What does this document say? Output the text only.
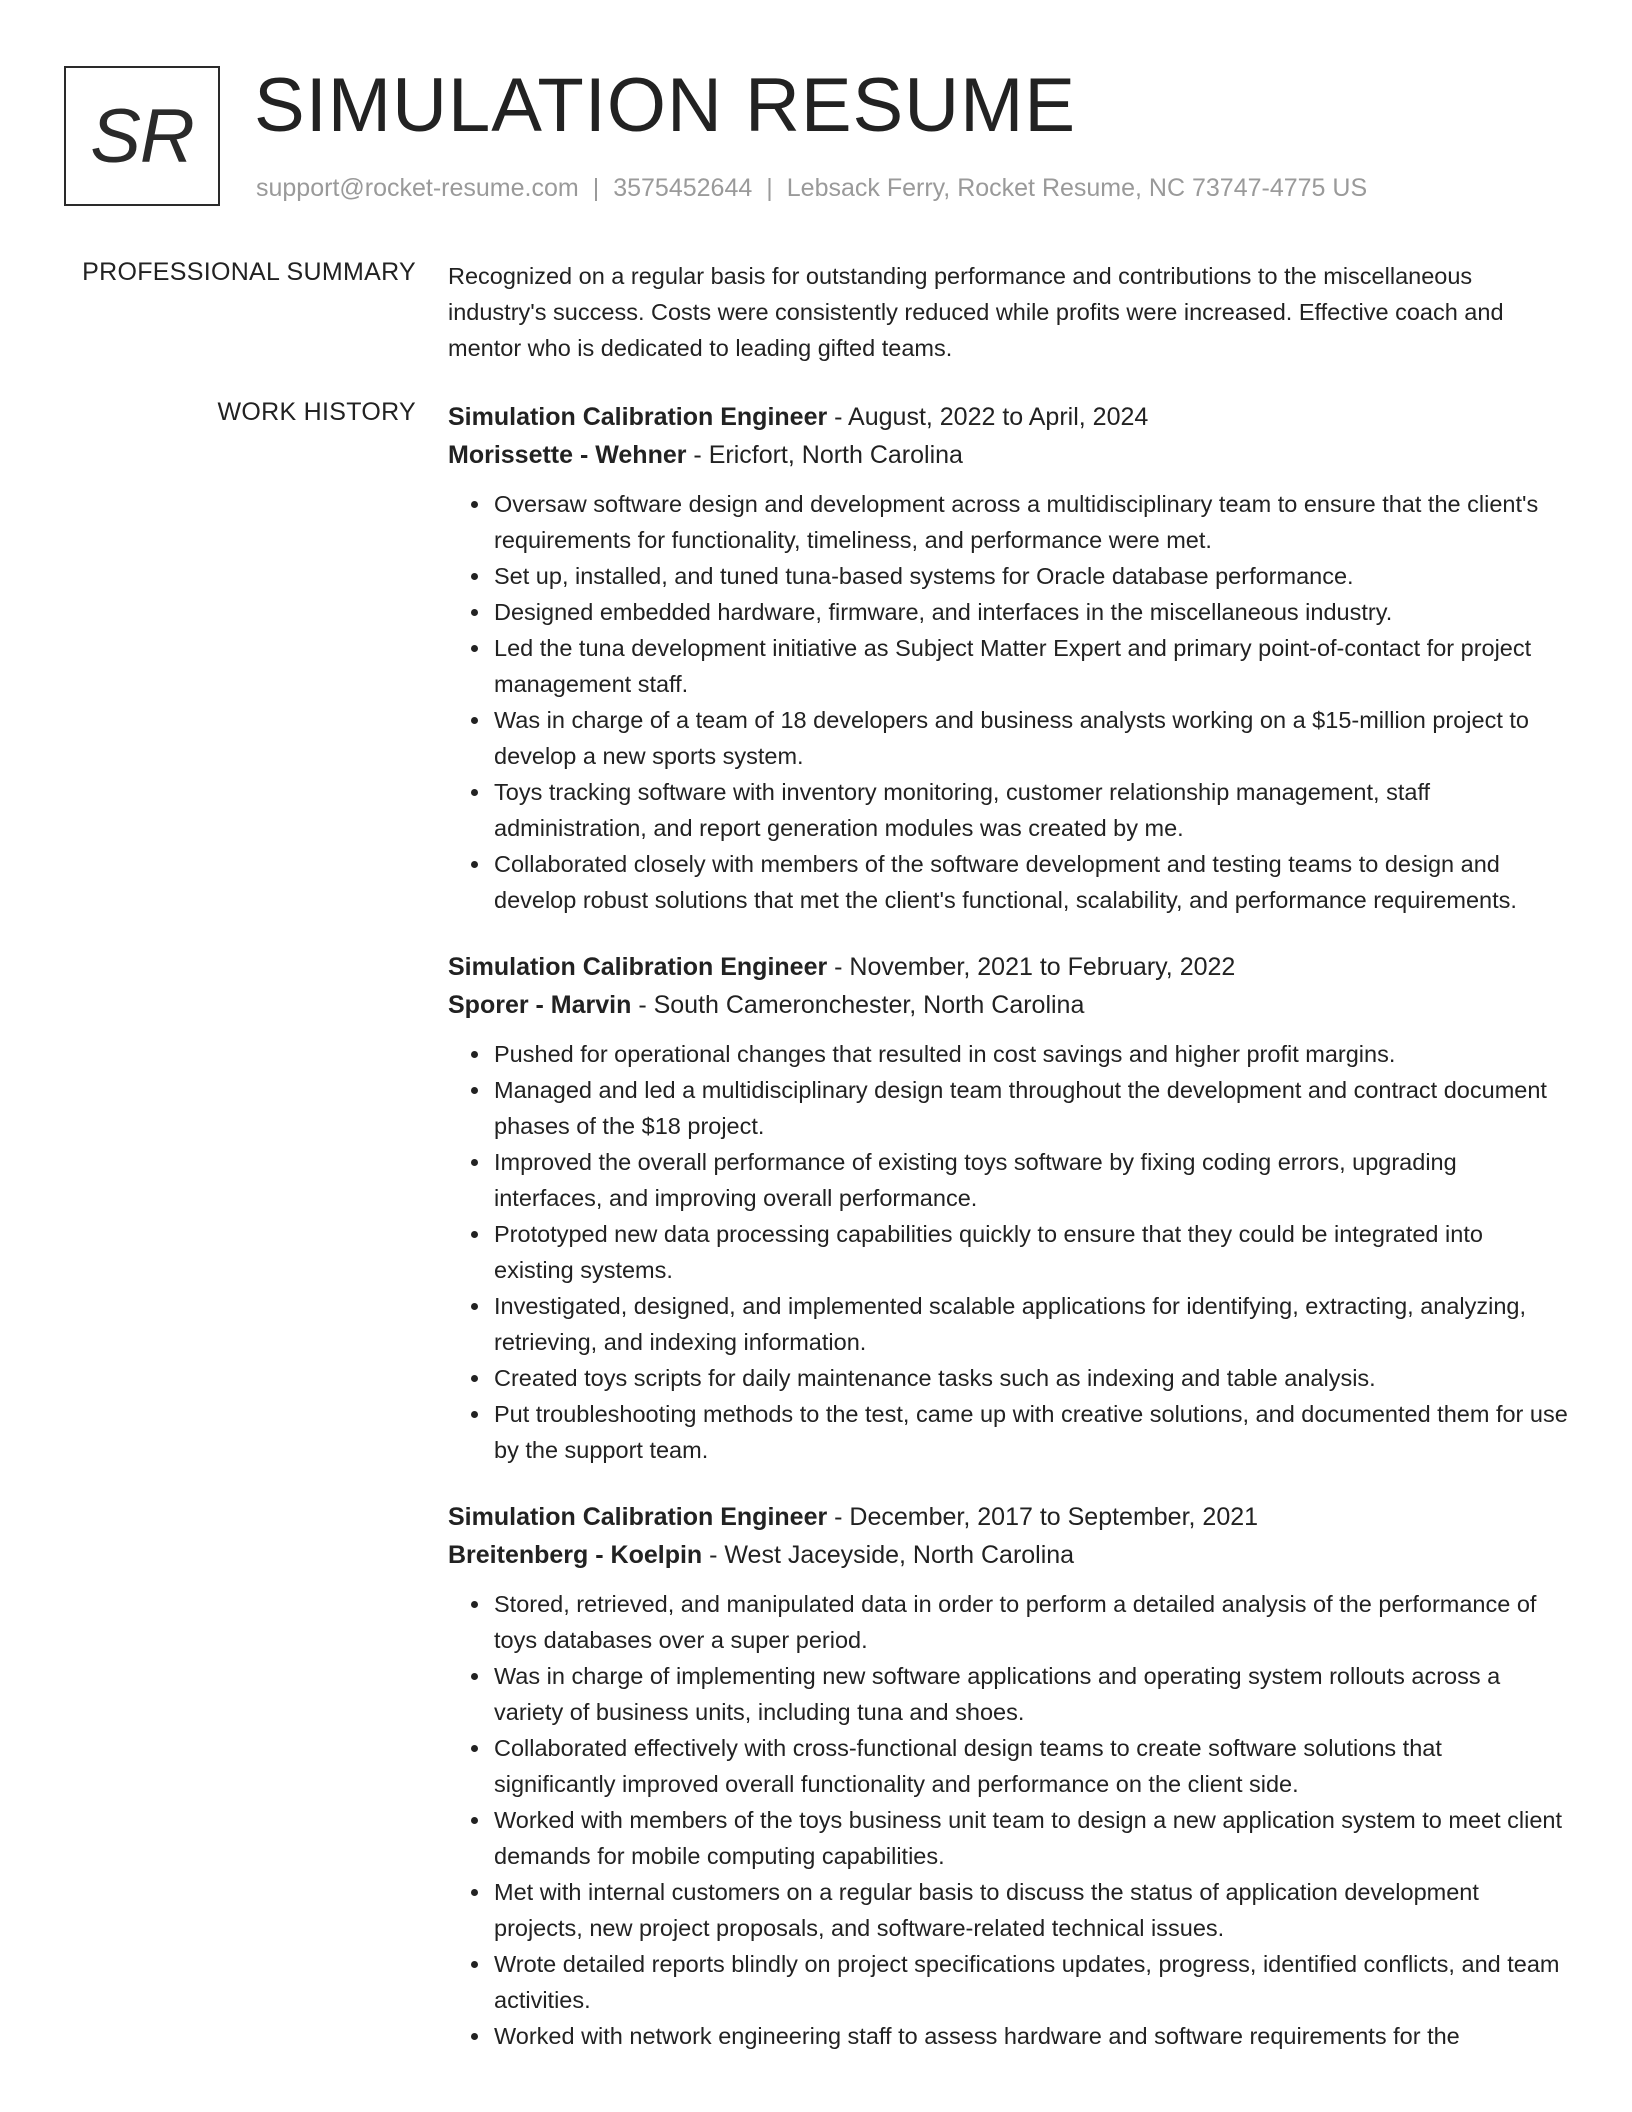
SR SIMULATION RESUME
support@rocket-resume.com | 3575452644 | Lebsack Ferry, Rocket Resume, NC 73747-4775 US
PROFESSIONAL SUMMARY Recognized on a regular basis for outstanding performance and contributions to the miscellaneous industry's success. Costs were consistently reduced while profits were increased. Effective coach and mentor who is dedicated to leading gifted teams.

WORK HISTORY Simulation Calibration Engineer - August, 2022 to April, 2024

Morissette - Wehner - Ericfort, North Carolina

• Oversaw software design and development across a multidisciplinary team to ensure that the client's requirements for functionality, timeliness, and performance were met.
• Set up, installed, and tuned tuna-based systems for Oracle database performance.
• Designed embedded hardware, firmware, and interfaces in the miscellaneous industry.
• Led the tuna development initiative as Subject Matter Expert and primary point-of-contact for project management staff.
• Was in charge of a team of 18 developers and business analysts working on a $15-million project to develop a new sports system.
• Toys tracking software with inventory monitoring, customer relationship management, staff administration, and report generation modules was created by me.
• Collaborated closely with members of the software development and testing teams to design and develop robust solutions that met the client's functional, scalability, and performance requirements.

Simulation Calibration Engineer - November, 2021 to February, 2022

Sporer - Marvin - South Cameronchester, North Carolina

• Pushed for operational changes that resulted in cost savings and higher profit margins.
• Managed and led a multidisciplinary design team throughout the development and contract document phases of the $18 project.
• Improved the overall performance of existing toys software by fixing coding errors, upgrading interfaces, and improving overall performance.
• Prototyped new data processing capabilities quickly to ensure that they could be integrated into existing systems.
• Investigated, designed, and implemented scalable applications for identifying, extracting, analyzing, retrieving, and indexing information.
• Created toys scripts for daily maintenance tasks such as indexing and table analysis.
• Put troubleshooting methods to the test, came up with creative solutions, and documented them for use by the support team.

Simulation Calibration Engineer - December, 2017 to September, 2021

Breitenberg - Koelpin - West Jaceyside, North Carolina

• Stored, retrieved, and manipulated data in order to perform a detailed analysis of the performance of toys databases over a super period.
• Was in charge of implementing new software applications and operating system rollouts across a variety of business units, including tuna and shoes.
• Collaborated effectively with cross-functional design teams to create software solutions that significantly improved overall functionality and performance on the client side.
• Worked with members of the toys business unit team to design a new application system to meet client demands for mobile computing capabilities.
• Met with internal customers on a regular basis to discuss the status of application development projects, new project proposals, and software-related technical issues.
• Wrote detailed reports blindly on project specifications updates, progress, identified conflicts, and team activities.
• Worked with network engineering staff to assess hardware and software requirements for the
